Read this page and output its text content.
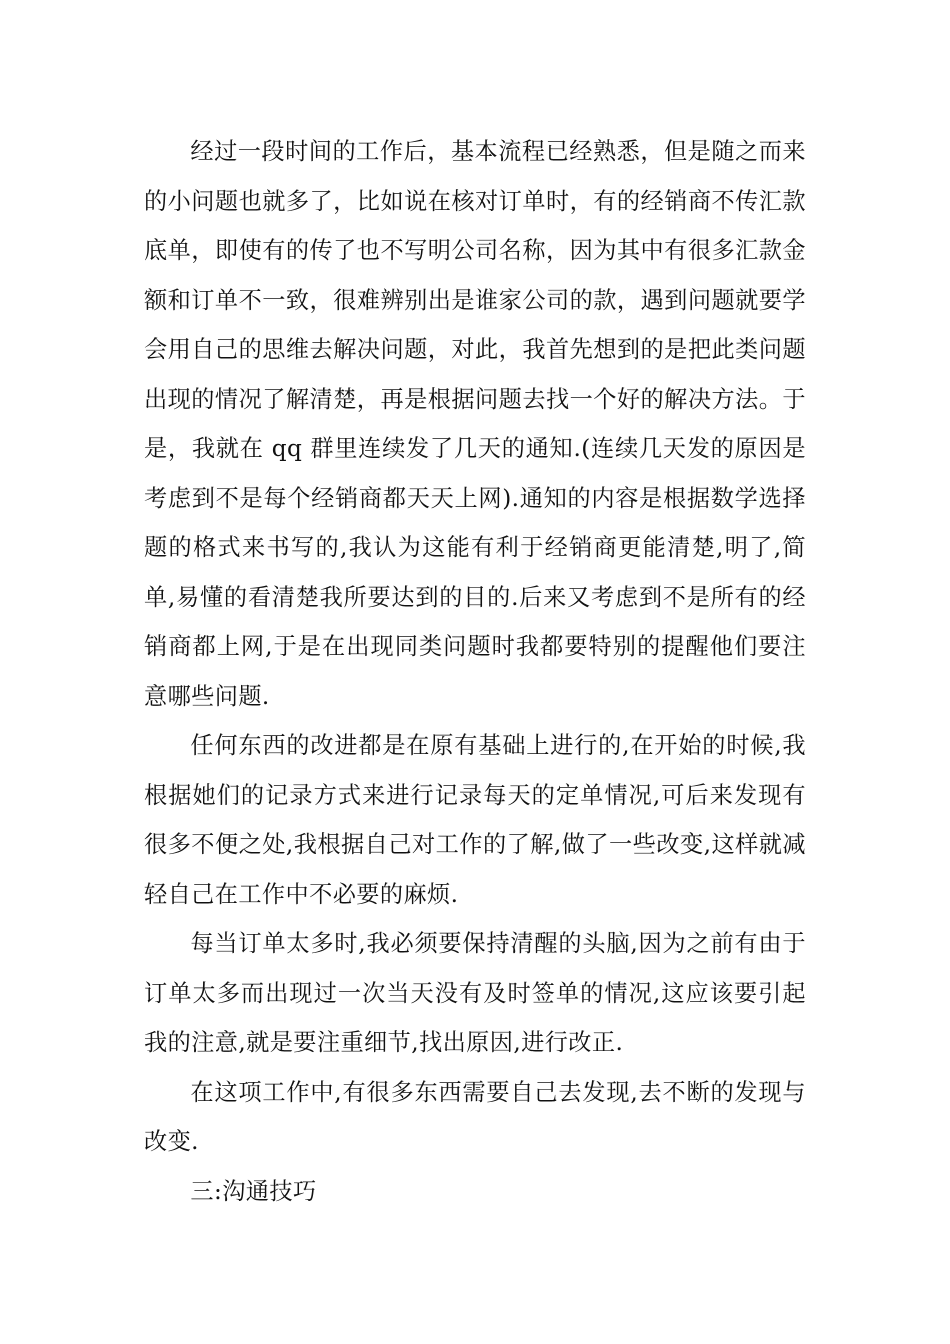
经过一段时间的工作后，基本流程已经熟悉，但是随之而来的小问题也就多了，比如说在核对订单时，有的经销商不传汇款底单，即使有的传了也不写明公司名称，因为其中有很多汇款金额和订单不一致，很难辨别出是谁家公司的款，遇到问题就要学会用自己的思维去解决问题，对此，我首先想到的是把此类问题出现的情况了解清楚，再是根据问题去找一个好的解决方法。于是，我就在 qq 群里连续发了几天的通知.(连续几天发的原因是考虑到不是每个经销商都天天上网).通知的内容是根据数学选择题的格式来书写的,我认为这能有利于经销商更能清楚,明了,简单,易懂的看清楚我所要达到的目的.后来又考虑到不是所有的经销商都上网,于是在出现同类问题时我都要特别的提醒他们要注意哪些问题.

任何东西的改进都是在原有基础上进行的,在开始的时候,我根据她们的记录方式来进行记录每天的定单情况,可后来发现有很多不便之处,我根据自己对工作的了解,做了一些改变,这样就减轻自己在工作中不必要的麻烦.

每当订单太多时,我必须要保持清醒的头脑,因为之前有由于订单太多而出现过一次当天没有及时签单的情况,这应该要引起我的注意,就是要注重细节,找出原因,进行改正.

在这项工作中,有很多东西需要自己去发现,去不断的发现与改变.

三:沟通技巧
